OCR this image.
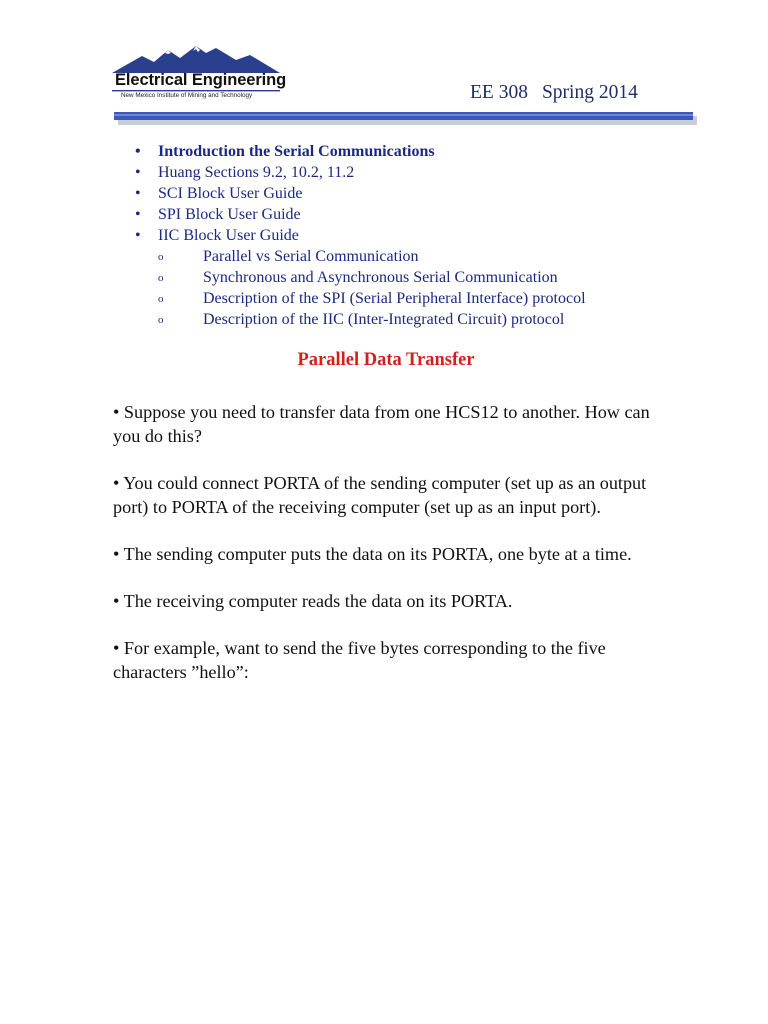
Electrical Engineering
New Mexico Institute of Mining and Technology	EE 308 Spring 2014
• Introduction the Serial Communications
• Huang Sections 9.2, 10.2, 11.2
• SCI Block User Guide
• SPI Block User Guide
• IIC Block User Guide
o Parallel vs Serial Communication
o Synchronous and Asynchronous Serial Communication
o Description of the SPI (Serial Peripheral Interface) protocol
o Description of the IIC (Inter-Integrated Circuit) protocol
Parallel Data Transfer

• Suppose you need to transfer data from one HCS12 to another. How can you do this?

• You could connect PORTA of the sending computer (set up as an output port) to PORTA of the receiving computer (set up as an input port).

• The sending computer puts the data on its PORTA, one byte at a time.

• The receiving computer reads the data on its PORTA.

• For example, want to send the five bytes corresponding to the five characters ”hello”:
